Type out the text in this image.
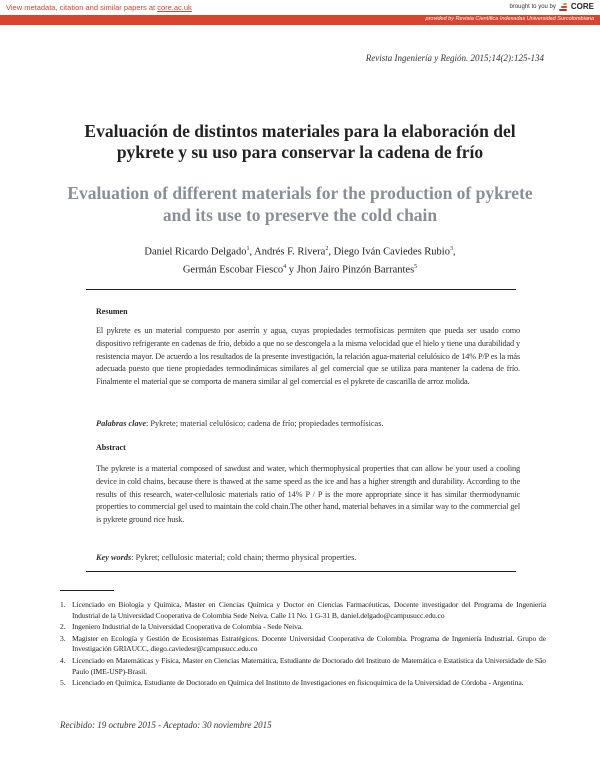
View metadata, citation and similar papers at core.ac.uk	brought to you by CORE
provided by Revista Científica Indexadas Universidad Surcolombiana
Revista Ingeniería y Región. 2015;14(2):125-134
Evaluación de distintos materiales para la elaboración del pykrete y su uso para conservar la cadena de frío
Evaluation of different materials for the production of pykrete and its use to preserve the cold chain
Daniel Ricardo Delgado$^1$, Andrés F. Rivera$^2$, Diego Iván Caviedes Rubio$^3$,
Germán Escobar Fiesco$^4$ y Jhon Jairo Pinzón Barrantes$^5$
Resumen

El pykrete es un material compuesto por aserrín y agua, cuyas propiedades termofísicas permiten que pueda ser usado como dispositivo refrigerante en cadenas de frío, debido a que no se descongela a la misma velocidad que el hielo y tiene una durabilidad y resistencia mayor. De acuerdo a los resultados de la presente investigación, la relación agua-material celulósico de 14% P/P es la más adecuada puesto que tiene propiedades termodinámicas similares al gel comercial que se utiliza para mantener la cadena de frío. Finalmente el material que se comporta de manera similar al gel comercial es el pykrete de cascarilla de arroz molida.

Palabras clave: Pykrete; material celulósico; cadena de frío; propiedades termofísicas.
Abstract

The pykrete is a material composed of sawdust and water, which thermophysical properties that can allow be your used a cooling device in cold chains, because there is thawed at the same speed as the ice and has a higher strength and durability. According to the results of this research, water-cellulosic materials ratio of 14% P / P is the more appropriate since it has similar thermodynamic properties to commercial gel used to maintain the cold chain.The other hand, material behaves in a similar way to the commercial gel is pykrete ground rice husk.

Key words: Pykret; cellulosic material; cold chain; thermo physical properties.
1. Licenciado en Biología y Química, Master en Ciencias Química y Doctor en Ciencias Farmacéuticas, Docente investigador del Programa de Ingeniería Industrial de la Universidad Cooperativa de Colombia Sede Neiva. Calle 11 No. 1 G-31 B, daniel.delgado@campusucc.edu.co
2. Ingeniero Industrial de la Universidad Cooperativa de Colombia - Sede Neiva.
3. Magister en Ecología y Gestión de Ecosistemas Estratégicos. Docente Universidad Cooperativa de Colombia. Programa de Ingeniería Industrial. Grupo de Investigación GRIAUCC, diego.caviedesr@campusucc.edu.co
4. Licenciado en Matemáticas y Física, Master en Ciencias Matemática, Estudiante de Doctorado del Instituto de Matemática e Estatística da Universidade de São Paulo (IME-USP)-Brasil.
5. Licenciado en Química, Estudiante de Doctorado en Química del Instituto de Investigaciones en fisicoquímica de la Universidad de Córdoba - Argentina.
Recibido: 19 octubre 2015 - Aceptado: 30 noviembre 2015
